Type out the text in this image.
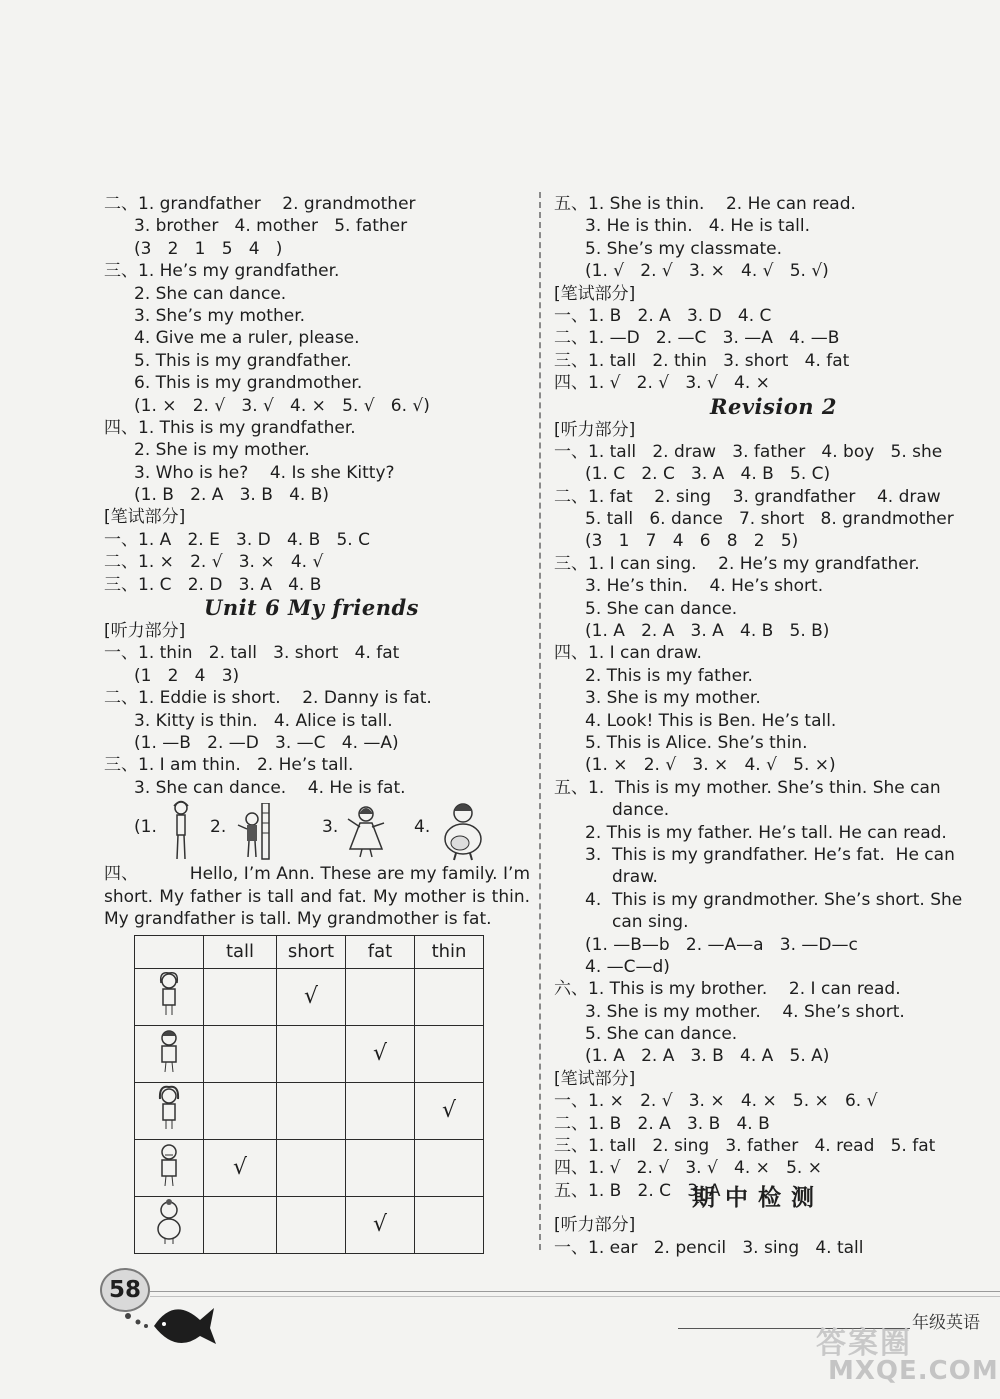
二、1. grandfather    2. grandmother
3. brother   4. mother   5. father
(3   2   1   5   4   )
三、1. He’s my grandfather.
2. She can dance.
3. She’s my mother.
4. Give me a ruler, please.
5. This is my grandfather.
6. This is my grandmother.
(1. ×   2. √   3. √   4. ×   5. √   6. √)
四、1. This is my grandfather.
2. She is my mother.
3. Who is he?    4. Is she Kitty?
(1. B   2. A   3. B   4. B)
[笔试部分]
一、1. A   2. E   3. D   4. B   5. C
二、1. ×   2. √   3. ×   4. √
三、1. C   2. D   3. A   4. B
Unit 6 My friends
[听力部分]
一、1. thin   2. tall   3. short   4. fat
(1   2   4   3)
二、1. Eddie is short.    2. Danny is fat.
3. Kitty is thin.   4. Alice is tall.
(1. —B   2. —D   3. —C   4. —A)
三、1. I am thin.   2. He’s tall.
3. She can dance.    4. He is fat.
(1.	2.	3.	4.
四、	Hello, I’m Ann. These are my family. I’m short. My father is tall and fat. My mother is thin. My grandfather is tall. My grandmother is fat.
	tall	short	fat	thin
		√		
			√	
				√
	√			
			√	
五、1. She is thin.    2. He can read.
3. He is thin.   4. He is tall.
5. She’s my classmate.
(1. √   2. √   3. ×   4. √   5. √)
[笔试部分]
一、1. B   2. A   3. D   4. C
二、1. —D   2. —C   3. —A   4. —B
三、1. tall   2. thin   3. short   4. fat
四、1. √   2. √   3. √   4. ×
Revision 2
[听力部分]
一、1. tall   2. draw   3. father   4. boy   5. she
(1. C   2. C   3. A   4. B   5. C)
二、1. fat    2. sing    3. grandfather    4. draw
5. tall   6. dance   7. short   8. grandmother
(3   1   7   4   6   8   2   5)
三、1. I can sing.    2. He’s my grandfather.
3. He’s thin.    4. He’s short.
5. She can dance.
(1. A   2. A   3. A   4. B   5. B)
四、1. I can draw.
2. This is my father.
3. She is my mother.
4. Look! This is Ben. He’s tall.
5. This is Alice. She’s thin.
(1. ×   2. √   3. ×   4. √   5. ×)
五、1.  This is my mother. She’s thin. She can
dance.
2. This is my father. He’s tall. He can read.
3.  This is my grandfather. He’s fat.  He can
draw.
4.  This is my grandmother. She’s short. She
can sing.
(1. —B—b   2. —A—a   3. —D—c
4. —C—d)
六、1. This is my brother.    2. I can read.
3. She is my mother.    4. She’s short.
5. She can dance.
(1. A   2. A   3. B   4. A   5. A)
[笔试部分]
一、1. ×   2. √   3. ×   4. ×   5. ×   6. √
二、1. B   2. A   3. B   4. B
三、1. tall   2. sing   3. father   4. read   5. fat
四、1. √   2. √   3. √   4. ×   5. ×
五、1. B   2. C   3. A
期中检测
[听力部分]
一、1. ear   2. pencil   3. sing   4. tall
58
年级英语
答案圈
MXQE.COM
